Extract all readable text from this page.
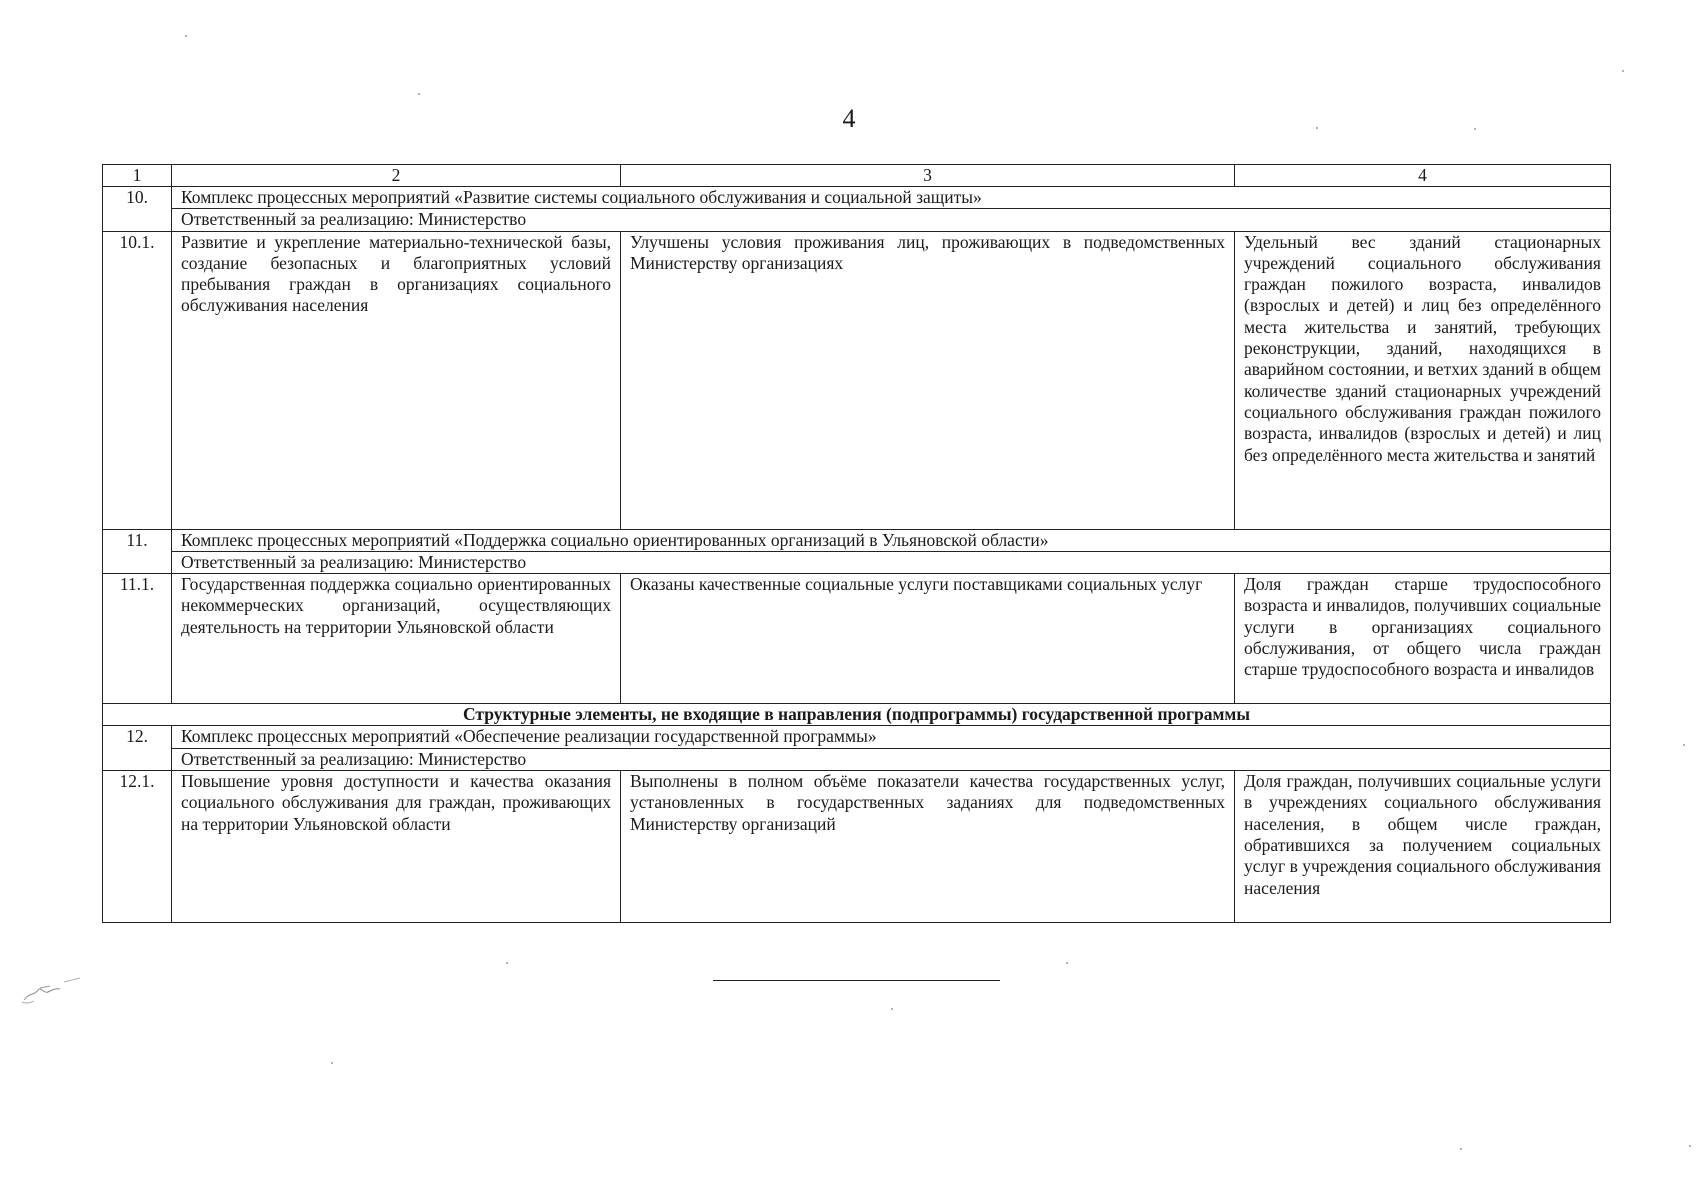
4
1	2	3	4
10.	Комплекс процессных мероприятий «Развитие системы социального обслуживания и социальной защиты»		
	Ответственный за реализацию: Министерство		
10.1.	Развитие и укрепление материально-технической базы, создание безопасных и благоприятных условий пребывания граждан в организациях социального обслуживания населения	Улучшены условия проживания лиц, проживающих в подведомственных Министерству организациях	Удельный вес зданий стационарных учреждений социального обслуживания граждан пожилого возраста, инвалидов (взрослых и детей) и лиц без определённого места жительства и занятий, требующих реконструкции, зданий, находящихся в аварийном состоянии, и ветхих зданий в общем количестве зданий стационарных учреждений социального обслуживания граждан пожилого возраста, инвалидов (взрослых и детей) и лиц без определённого места жительства и занятий
11.	Комплекс процессных мероприятий «Поддержка социально ориентированных организаций в Ульяновской области»		
	Ответственный за реализацию: Министерство		
11.1.	Государственная поддержка социально ориентированных некоммерческих организаций, осуществляющих деятельность на территории Ульяновской области	Оказаны качественные социальные услуги поставщиками социальных услуг	Доля граждан старше трудоспособного возраста и инвалидов, получивших социальные услуги в организациях социального обслуживания, от общего числа граждан старше трудоспособного возраста и инвалидов
Структурные элементы, не входящие в направления (подпрограммы) государственной программы			
12.	Комплекс процессных мероприятий «Обеспечение реализации государственной программы»		
	Ответственный за реализацию: Министерство		
12.1.	Повышение уровня доступности и качества оказания социального обслуживания для граждан, проживающих на территории Ульяновской области	Выполнены в полном объёме показатели качества государственных услуг, установленных в государственных заданиях для подведомственных Министерству организаций	Доля граждан, получивших социальные услуги в учреждениях социального обслуживания населения, в общем числе граждан, обратившихся за получением социальных услуг в учреждения социального обслуживания населения
